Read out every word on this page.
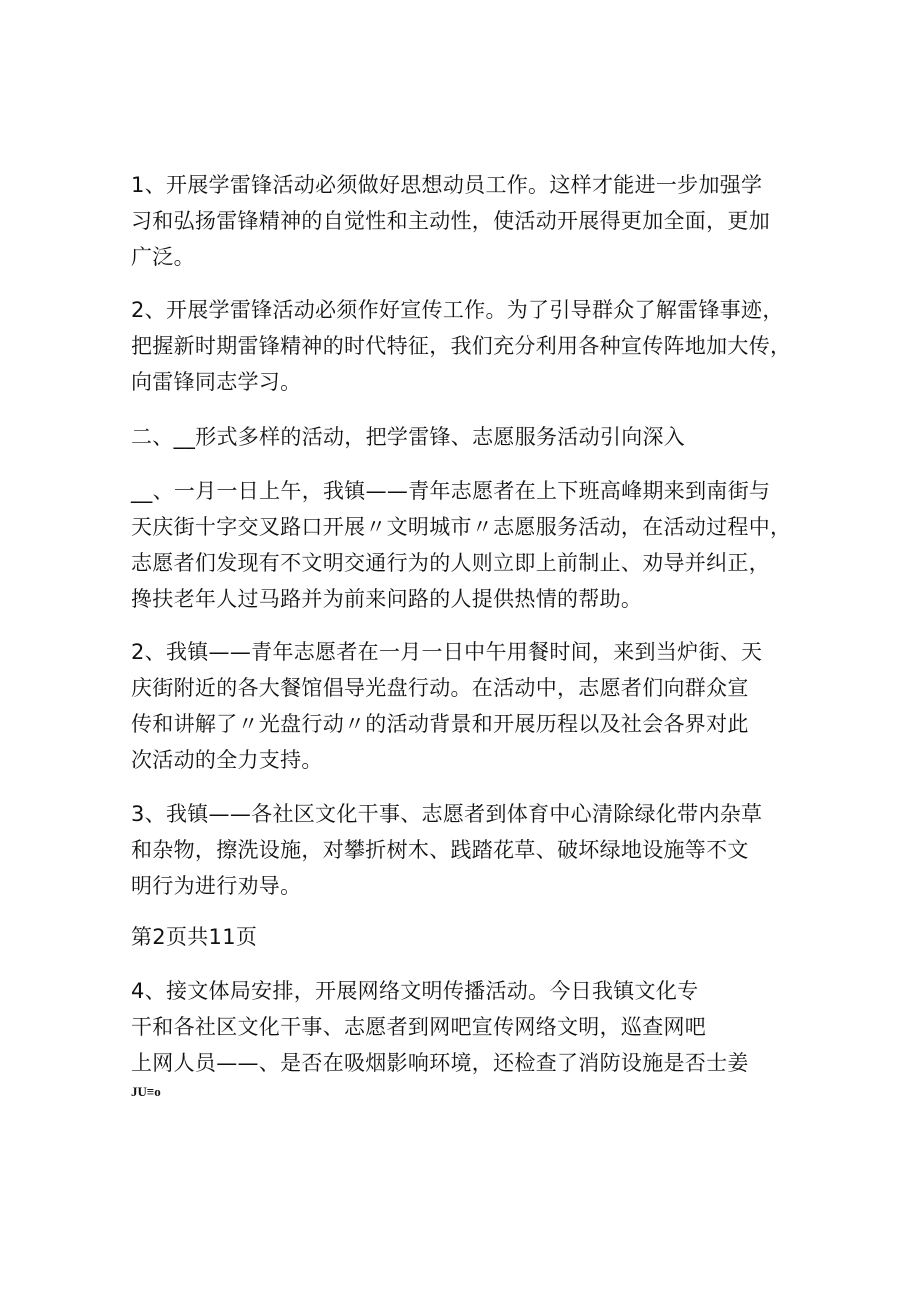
1、开展学雷锋活动必须做好思想动员工作。这样才能进一步加强学
习和弘扬雷锋精神的自觉性和主动性，使活动开展得更加全面，更加
广泛。
2、开展学雷锋活动必须作好宣传工作。为了引导群众了解雷锋事迹，
把握新时期雷锋精神的时代特征，我们充分利用各种宣传阵地加大传，
向雷锋同志学习。
二、__形式多样的活动，把学雷锋、志愿服务活动引向深入
__、一月一日上午，我镇——青年志愿者在上下班高峰期来到南街与
天庆街十字交叉路口开展〃文明城市〃志愿服务活动，在活动过程中，
志愿者们发现有不文明交通行为的人则立即上前制止、劝导并纠正，
搀扶老年人过马路并为前来问路的人提供热情的帮助。
2、我镇——青年志愿者在一月一日中午用餐时间，来到当炉街、天
庆街附近的各大餐馆倡导光盘行动。在活动中，志愿者们向群众宣
传和讲解了〃光盘行动〃的活动背景和开展历程以及社会各界对此
次活动的全力支持。
3、我镇——各社区文化干事、志愿者到体育中心清除绿化带内杂草
和杂物，擦洗设施，对攀折树木、践踏花草、破坏绿地设施等不文
明行为进行劝导。
第2页共11页
4、接文体局安排，开展网络文明传播活动。今日我镇文化专
干和各社区文化干事、志愿者到网吧宣传网络文明，巡查网吧
上网人员——、是否在吸烟影响环境，还检查了消防设施是否士姜
JU≡o
